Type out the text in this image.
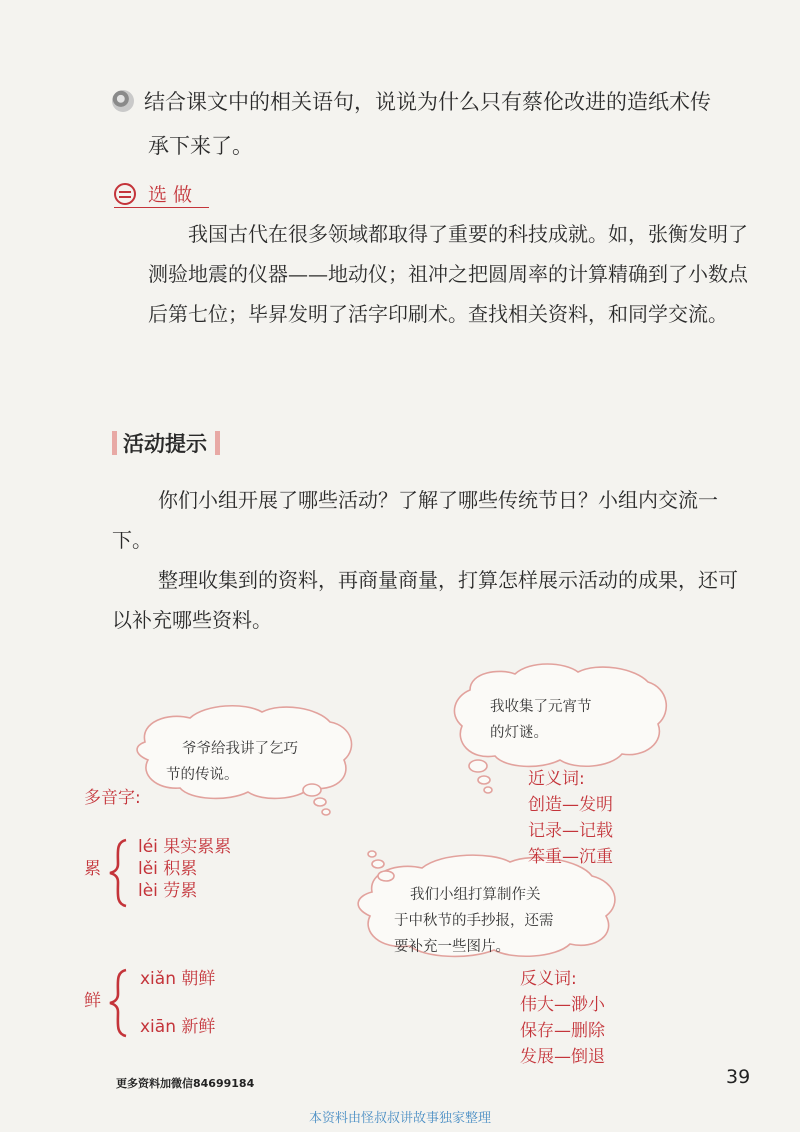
结合课文中的相关语句，说说为什么只有蔡伦改进的造纸术传
承下来了。
选 做
我国古代在很多领域都取得了重要的科技成就。如，张衡发明了测验地震的仪器——地动仪；祖冲之把圆周率的计算精确到了小数点后第七位；毕昇发明了活字印刷术。查找相关资料，和同学交流。
活动提示
你们小组开展了哪些活动？了解了哪些传统节日？小组内交流一下。
整理收集到的资料，再商量商量，打算怎样展示活动的成果，还可以补充哪些资料。
我收集了元宵节
的灯谜。
爷爷给我讲了乞巧
节的传说。
我们小组打算制作关
于中秋节的手抄报，还需
要补充一些图片。
多音字:
累
léi 果实累累
lěi 积累
lèi 劳累
鲜
xiǎn 朝鲜
xiān 新鲜
近义词:
创造—发明
记录—记载
笨重—沉重
反义词:
伟大—渺小
保存—删除
发展—倒退
更多资料加微信84699184	39
本资料由怪叔叔讲故事独家整理
